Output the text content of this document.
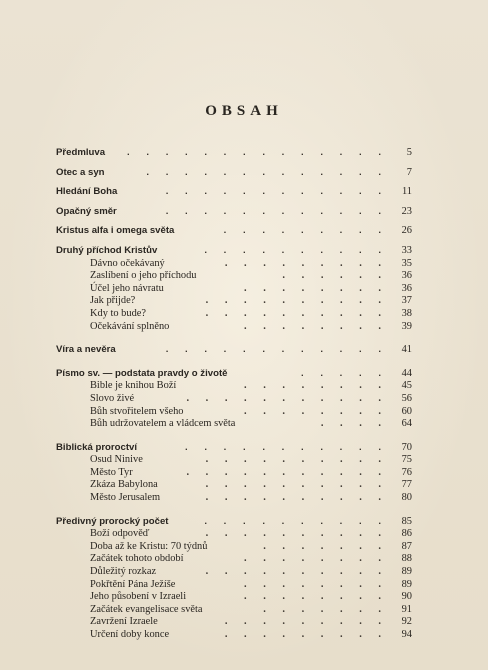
OBSAH
Předmluva . . . . . . . . . . . . . .	5
Otec a syn	. . . . . . . . . . . . .	7
Hledání Boha	. . . . . . . . . . . .	11
Opačný směr	. . . . . . . . . . . .	23
Kristus alfa i omega světa	. . . . . . . . .	26
Druhý příchod Kristův	. . . . . . . . . .	33
Dávno očekávaný	. . . . . . . . .	35
Zaslíbení o jeho příchodu	. . . . . .	36
Účel jeho návratu	. . . . . . . .	36
Jak přijde?	. . . . . . . . . .	37
Kdy to bude?	. . . . . . . . . .	38
Očekávání splněno	. . . . . . . .	39
Víra a nevěra	. . . . . . . . . . . .	41
Písmo sv. — podstata pravdy o životě	. . . . .	44
Bible je knihou Boží	. . . . . . . .	45
Slovo živé	. . . . . . . . . . .	56
Bůh stvořitelem všeho	. . . . . . . .	60
Bůh udržovatelem a vládcem světa	. . . .	64
Biblická proroctví	. . . . . . . . . . .	70
Osud Ninive	. . . . . . . . . .	75
Město Tyr	. . . . . . . . . . .	76
Zkáza Babylona	. . . . . . . . . .	77
Město Jerusalem	. . . . . . . . . .	80
Předivný prorocký počet	. . . . . . . . . .	85
Boží odpověď	. . . . . . . . . .	86
Doba až ke Kristu: 70 týdnů	. . . . . . .	87
Začátek tohoto období	. . . . . . . .	88
Důležitý rozkaz	. . . . . . . . . .	89
Pokřtění Pána Ježíše	. . . . . . . .	89
Jeho působení v Izraeli	. . . . . . . .	90
Začátek evangelisace světa	. . . . . . .	91
Zavržení Izraele	. . . . . . . . .	92
Určení doby konce	. . . . . . . . .	94
